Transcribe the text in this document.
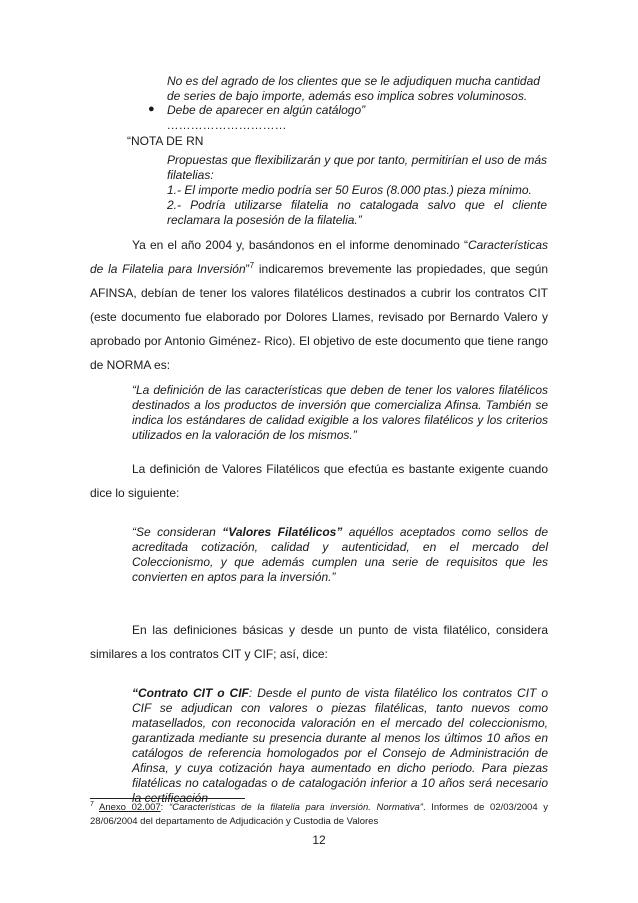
No es del agrado de los clientes que se le adjudiquen mucha cantidad
de series de bajo importe, además eso implica sobres voluminosos.
● Debe de aparecer en algún catálogo”
…………………………
“NOTA DE RN
Propuestas que flexibilizarán y que por tanto, permitirían el uso de más filatelias:
1.- El importe medio podría ser 50 Euros (8.000 ptas.) pieza mínimo.
2.- Podría utilizarse filatelia no catalogada salvo que el cliente reclamara la posesión de la filatelia.”
Ya en el año 2004 y, basándonos en el informe denominado “Características de la Filatelia para Inversión”$^7$ indicaremos brevemente las propiedades, que según AFINSA, debían de tener los valores filatélicos destinados a cubrir los contratos CIT (este documento fue elaborado por Dolores Llames, revisado por Bernardo Valero y aprobado por Antonio Giménez- Rico). El objetivo de este documento que tiene rango de NORMA es:
“La definición de las características que deben de tener los valores filatélicos destinados a los productos de inversión que comercializa Afinsa. También se indica los estándares de calidad exigible a los valores filatélicos y los criterios utilizados en la valoración de los mismos.”
La definición de Valores Filatélicos que efectúa es bastante exigente cuando dice lo siguiente:
“Se consideran “Valores Filatélicos” aquéllos aceptados como sellos de acreditada cotización, calidad y autenticidad, en el mercado del Coleccionismo, y que además cumplen una serie de requisitos que les convierten en aptos para la inversión.”
En las definiciones básicas y desde un punto de vista filatélico, considera similares a los contratos CIT y CIF; así, dice:
“Contrato CIT o CIF: Desde el punto de vista filatélico los contratos CIT o CIF se adjudican con valores o piezas filatélicas, tanto nuevos como matasellados, con reconocida valoración en el mercado del coleccionismo, garantizada mediante su presencia durante al menos los últimos 10 años en catálogos de referencia homologados por el Consejo de Administración de Afinsa, y cuya cotización haya aumentado en dicho periodo. Para piezas filatélicas no catalogadas o de catalogación inferior a 10 años será necesario la certificación
$^7$ Anexo 02.007: “Características de la filatelia para inversión. Normativa”. Informes de 02/03/2004 y 28/06/2004 del departamento de Adjudicación y Custodia de Valores
12
